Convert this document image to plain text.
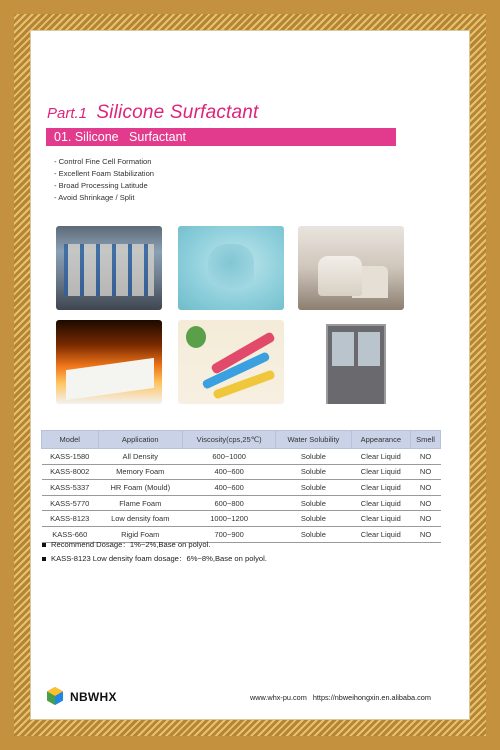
Part.1 Silicone Surfactant
01. Silicone   Surfactant
- Control Fine Cell Formation
- Excellent Foam Stabilization
- Broad Processing Latitude
- Avoid Shrinkage / Split
Model	Application	Viscosity(cps,25℃)	Water Solubility	Appearance	Smell
KASS-1580	All Density	600~1000	Soluble	Clear Liquid	NO
KASS-8002	Memory Foam	400~600	Soluble	Clear Liquid	NO
KASS-5337	HR Foam (Mould)	400~600	Soluble	Clear Liquid	NO
KASS-5770	Flame Foam	600~800	Soluble	Clear Liquid	NO
KASS-8123	Low density foam	1000~1200	Soluble	Clear Liquid	NO
KASS-660	Rigid Foam	700~900	Soluble	Clear Liquid	NO
Recommend Dosage：1%~2%,Base on polyol.
KASS-8123 Low density foam dosage：6%~8%,Base on polyol.
NBWHX	www.whx-pu.com   https://nbweihongxin.en.alibaba.com
